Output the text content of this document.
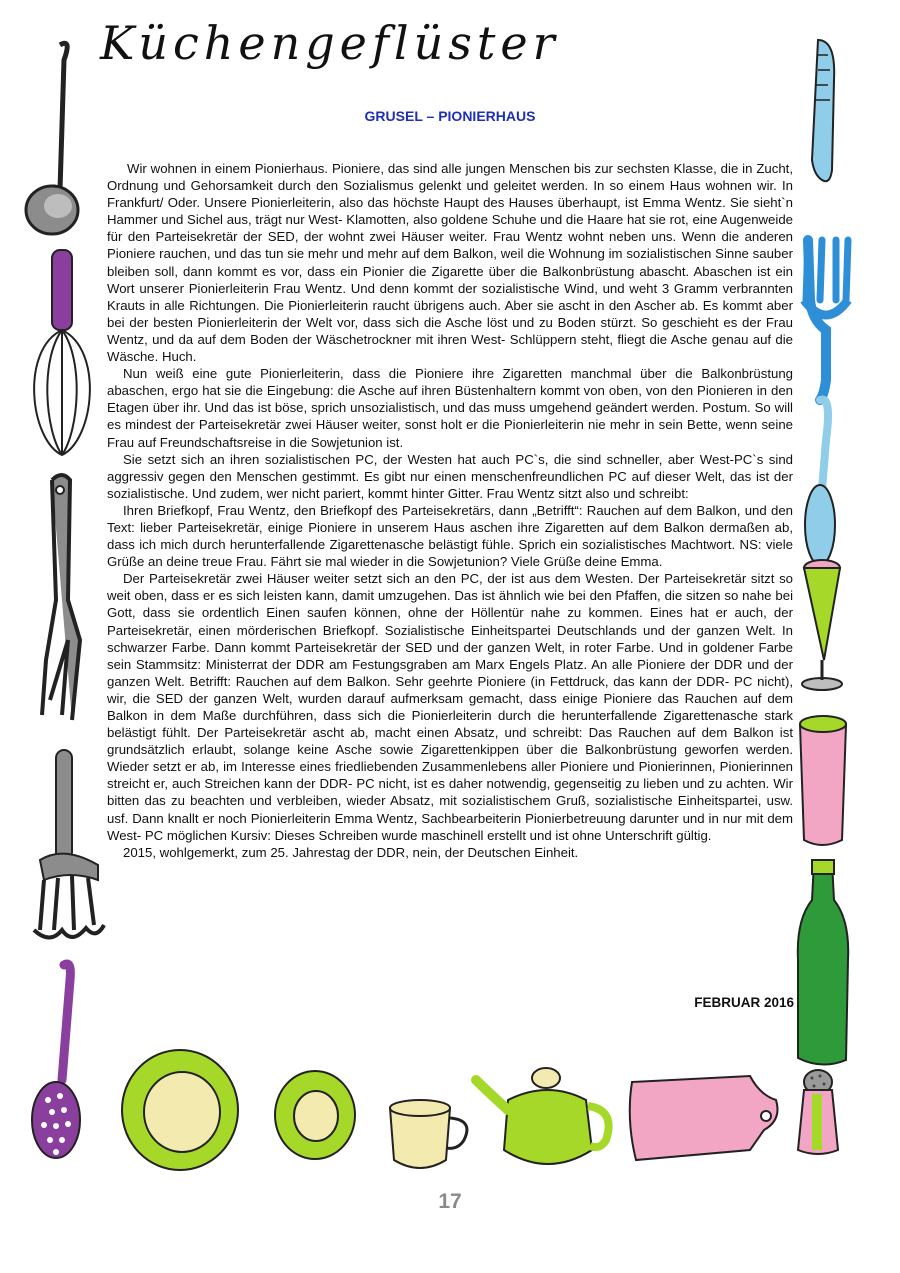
Küchengeflüster
GRUSEL – PIONIERHAUS

Wir wohnen in einem Pionierhaus. Pioniere, das sind alle jungen Menschen bis zur sechsten Klasse, die in Zucht, Ordnung und Gehorsamkeit durch den Sozialismus gelenkt und geleitet werden. In so einem Haus wohnen wir. In Frankfurt/ Oder. Unsere Pionierleiterin, also das höchste Haupt des Hauses überhaupt, ist Emma Wentz. Sie sieht`n Hammer und Sichel aus, trägt nur West- Klamotten, also goldene Schuhe und die Haare hat sie rot, eine Augenweide für den Parteisekretär der SED, der wohnt zwei Häuser weiter. Frau Wentz wohnt neben uns. Wenn die anderen Pioniere rauchen, und das tun sie mehr und mehr auf dem Balkon, weil die Wohnung im sozialistischen Sinne sauber bleiben soll, dann kommt es vor, dass ein Pionier die Zigarette über die Balkonbrüstung abascht. Abaschen ist ein Wort unserer Pionierleiterin Frau Wentz. Und denn kommt der sozialistische Wind, und weht 3 Gramm verbrannten Krauts in alle Richtungen. Die Pionierleiterin raucht übrigens auch. Aber sie ascht in den Ascher ab. Es kommt aber bei der besten Pionierleiterin der Welt vor, dass sich die Asche löst und zu Boden stürzt. So geschieht es der Frau Wentz, und da auf dem Boden der Wäschetrockner mit ihren West- Schlüppern steht, fliegt die Asche genau auf die Wäsche. Huch.

Nun weiß eine gute Pionierleiterin, dass die Pioniere ihre Zigaretten manchmal über die Balkonbrüstung abaschen, ergo hat sie die Eingebung: die Asche auf ihren Büstenhaltern kommt von oben, von den Pionieren in den Etagen über ihr. Und das ist böse, sprich unsozialistisch, und das muss umgehend geändert werden. Postum. So will es mindest der Parteisekretär zwei Häuser weiter, sonst holt er die Pionierleiterin nie mehr in sein Bette, wenn seine Frau auf Freundschaftsreise in die Sowjetunion ist.

Sie setzt sich an ihren sozialistischen PC, der Westen hat auch PC`s, die sind schneller, aber West-PC`s sind aggressiv gegen den Menschen gestimmt. Es gibt nur einen menschenfreundlichen PC auf dieser Welt, das ist der sozialistische. Und zudem, wer nicht pariert, kommt hinter Gitter. Frau Wentz sitzt also und schreibt:

Ihren Briefkopf, Frau Wentz, den Briefkopf des Parteisekretärs, dann „Betrifft“: Rauchen auf dem Balkon, und den Text: lieber Parteisekretär, einige Pioniere in unserem Haus aschen ihre Zigaretten auf dem Balkon dermaßen ab, dass ich mich durch herunterfallende Zigarettenasche belästigt fühle. Sprich ein sozialistisches Machtwort. NS: viele Grüße an deine treue Frau. Fährt sie mal wieder in die Sowjetunion? Viele Grüße deine Emma.

Der Parteisekretär zwei Häuser weiter setzt sich an den PC, der ist aus dem Westen. Der Parteisekretär sitzt so weit oben, dass er es sich leisten kann, damit umzugehen. Das ist ähnlich wie bei den Pfaffen, die sitzen so nahe bei Gott, dass sie ordentlich Einen saufen können, ohne der Höllentür nahe zu kommen. Eines hat er auch, der Parteisekretär, einen mörderischen Briefkopf. Sozialistische Einheitspartei Deutschlands und der ganzen Welt. In schwarzer Farbe. Dann kommt Parteisekretär der SED und der ganzen Welt, in roter Farbe. Und in goldener Farbe sein Stammsitz: Ministerrat der DDR am Festungsgraben am Marx Engels Platz. An alle Pioniere der DDR und der ganzen Welt. Betrifft: Rauchen auf dem Balkon. Sehr geehrte Pioniere (in Fettdruck, das kann der DDR- PC nicht), wir, die SED der ganzen Welt, wurden darauf aufmerksam gemacht, dass einige Pioniere das Rauchen auf dem Balkon in dem Maße durchführen, dass sich die Pionierleiterin durch die herunterfallende Zigarettenasche stark belästigt fühlt. Der Parteisekretär ascht ab, macht einen Absatz, und schreibt: Das Rauchen auf dem Balkon ist grundsätzlich erlaubt, solange keine Asche sowie Zigarettenkippen über die Balkonbrüstung geworfen werden. Wieder setzt er ab, im Interesse eines friedliebenden Zusammenlebens aller Pioniere und Pionierinnen, Pionierinnen streicht er, auch Streichen kann der DDR- PC nicht, ist es daher notwendig, gegenseitig zu lieben und zu achten. Wir bitten das zu beachten und verbleiben, wieder Absatz, mit sozialistischem Gruß, sozialistische Einheitspartei, usw. usf. Dann knallt er noch Pionierleiterin Emma Wentz, Sachbearbeiterin Pionierbetreuung darunter und in nur mit dem West- PC möglichen Kursiv: Dieses Schreiben wurde maschinell erstellt und ist ohne Unterschrift gültig.

2015, wohlgemerkt, zum 25. Jahrestag der DDR, nein, der Deutschen Einheit.

FEBRUAR 2016
17
